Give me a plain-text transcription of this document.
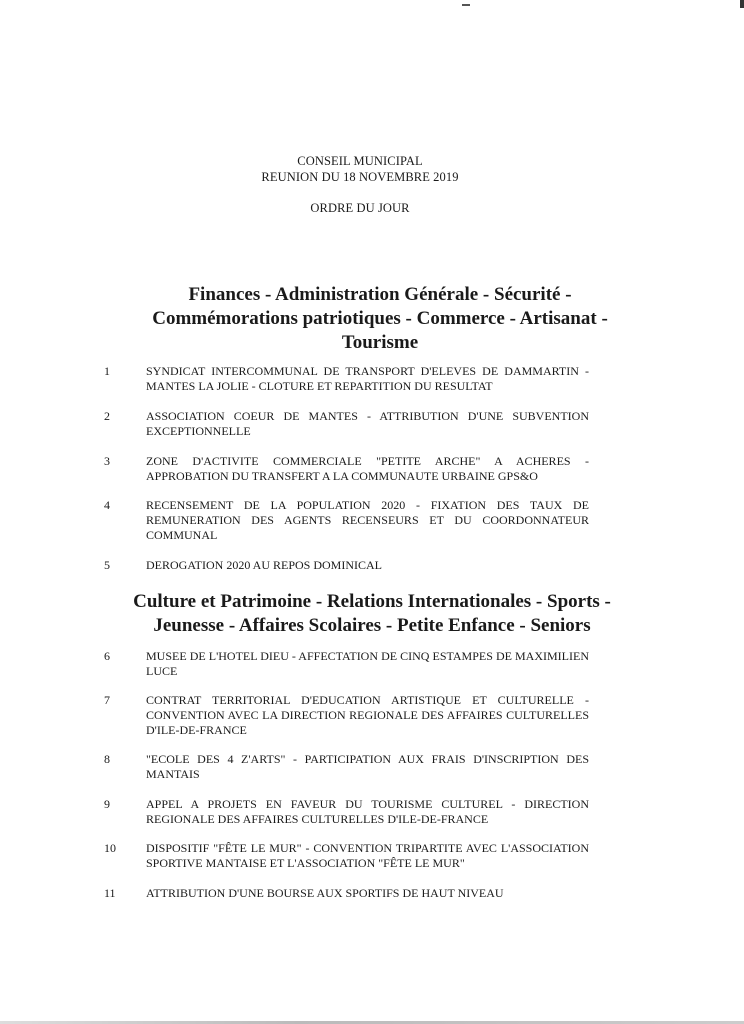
CONSEIL MUNICIPAL
REUNION DU 18 NOVEMBRE 2019
ORDRE DU JOUR
Finances - Administration Générale - Sécurité - Commémorations patriotiques - Commerce - Artisanat - Tourisme
1	SYNDICAT INTERCOMMUNAL DE TRANSPORT D'ELEVES DE DAMMARTIN - MANTES LA JOLIE - CLOTURE ET REPARTITION DU RESULTAT
2	ASSOCIATION COEUR DE MANTES - ATTRIBUTION D'UNE SUBVENTION EXCEPTIONNELLE
3	ZONE D'ACTIVITE COMMERCIALE "PETITE ARCHE" A ACHERES - APPROBATION DU TRANSFERT A LA COMMUNAUTE URBAINE GPS&O
4	RECENSEMENT DE LA POPULATION 2020 - FIXATION DES TAUX DE REMUNERATION DES AGENTS RECENSEURS ET DU COORDONNATEUR COMMUNAL
5	DEROGATION 2020 AU REPOS DOMINICAL
Culture et Patrimoine - Relations Internationales - Sports - Jeunesse - Affaires Scolaires - Petite Enfance - Seniors
6	MUSEE DE L'HOTEL DIEU - AFFECTATION DE CINQ ESTAMPES DE MAXIMILIEN LUCE
7	CONTRAT TERRITORIAL D'EDUCATION ARTISTIQUE ET CULTURELLE - CONVENTION AVEC LA DIRECTION REGIONALE DES AFFAIRES CULTURELLES D'ILE-DE-FRANCE
8	"ECOLE DES 4 Z'ARTS" - PARTICIPATION AUX FRAIS D'INSCRIPTION DES MANTAIS
9	APPEL A PROJETS EN FAVEUR DU TOURISME CULTUREL - DIRECTION REGIONALE DES AFFAIRES CULTURELLES D'ILE-DE-FRANCE
10	DISPOSITIF "FÊTE LE MUR" - CONVENTION TRIPARTITE AVEC L'ASSOCIATION SPORTIVE MANTAISE ET L'ASSOCIATION "FÊTE LE MUR"
11	ATTRIBUTION D'UNE BOURSE AUX SPORTIFS DE HAUT NIVEAU
